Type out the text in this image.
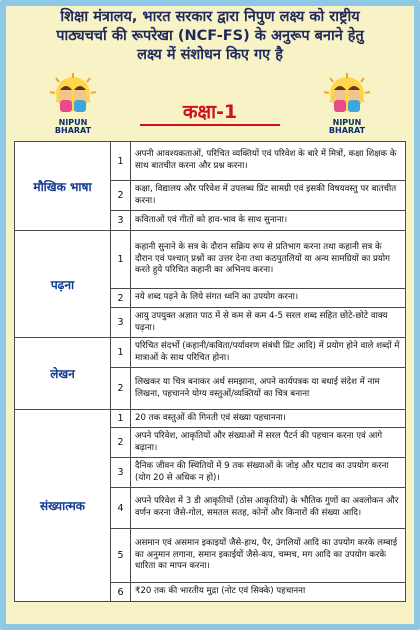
शिक्षा मंत्रालय, भारत सरकार द्वारा निपुण लक्ष्य को राष्ट्रीय
पाठ्यचर्चा की रूपरेखा (NCF-FS) के अनुरूप बनाने हेतु
लक्ष्य में संशोधन किए गए है
NIPUN BHARAT
NIPUN BHARAT
कक्षा-1
मौखिक भाषा	1	अपनी आवश्यकताओं, परिचित व्यक्तियों एवं परिवेश के बारे में मित्रों, कक्षा शिक्षक के साथ बातचीत करना और प्रश्न करना।
	2	कक्षा, विद्यालय और परिवेश में उपलब्ध प्रिंट सामग्री एवं इसकी विषयवस्तु पर बातचीत करना।
	3	कविताओं एवं गीतों को हाव-भाव के साथ सुनाना।
पढ़ना	1	कहानी सुनाने के सत्र के दौरान सक्रिय रूप से प्रतिभाग करना तथा कहानी सत्र के दौरान एवं पश्चात् प्रश्नों का उत्तर देना तथा कठपुतलियों या अन्य सामग्रियों का प्रयोग करते हुये परिचित कहानी का अभिनय करना।
	2	नये शब्द पढ़ने के लिये संगत ध्वनि का उपयोग करना।
	3	आयु उपयुक्त अज्ञात पाठ में से कम से कम 4-5 सरल शब्द सहित छोटे-छोटे वाक्य पढ़ना।
लेखन	1	परिचित संदर्भो (कहानी/कविता/पर्यावरण संबंधी प्रिंट आदि) में प्रयोग होने वाले शब्दों में मात्राओं के साथ परिचित होना।
	2	लिखकर या चित्र बनाकर अर्थ समझाना, अपने कार्यपत्रक या बधाई संदेश में नाम लिखना, पहचानने योग्य वस्तुओं/व्यक्तियों का चित्र बनाना
संख्यात्मक	1	20 तक वस्तुओं की गिनती एवं संख्या पहचानना।
	2	अपने परिवेश, आकृतियों और संख्याओं में सरल पैटर्न की पहचान करना एवं आगे बढ़ाना।
	3	दैनिक जीवन की स्थितियों में 9 तक संख्याओं के जोड़ और घटाव का उपयोग करना (योग 20 से अधिक न हो)।
	4	अपने परिवेश में 3 डी आकृतियों (ठोस आकृतियों) के भौतिक गुणों का अवलोकन और वर्णन करना जैसे-गोल, समतल सतह, कोनों और किनारों की संख्या आदि।
	5	असमान एवं असमान इकाइयों जैसे-हाथ, पैर, उंगलियों आदि का उपयोग करके लम्बाई का अनुमान लगाना, समान इकाईयों जैसे-कप, चम्मच, मग आदि का उपयोग करके धारिता का मापन करना।
	6	₹20 तक की भारतीय मुद्रा (नोट एवं सिक्के) पहचानना
